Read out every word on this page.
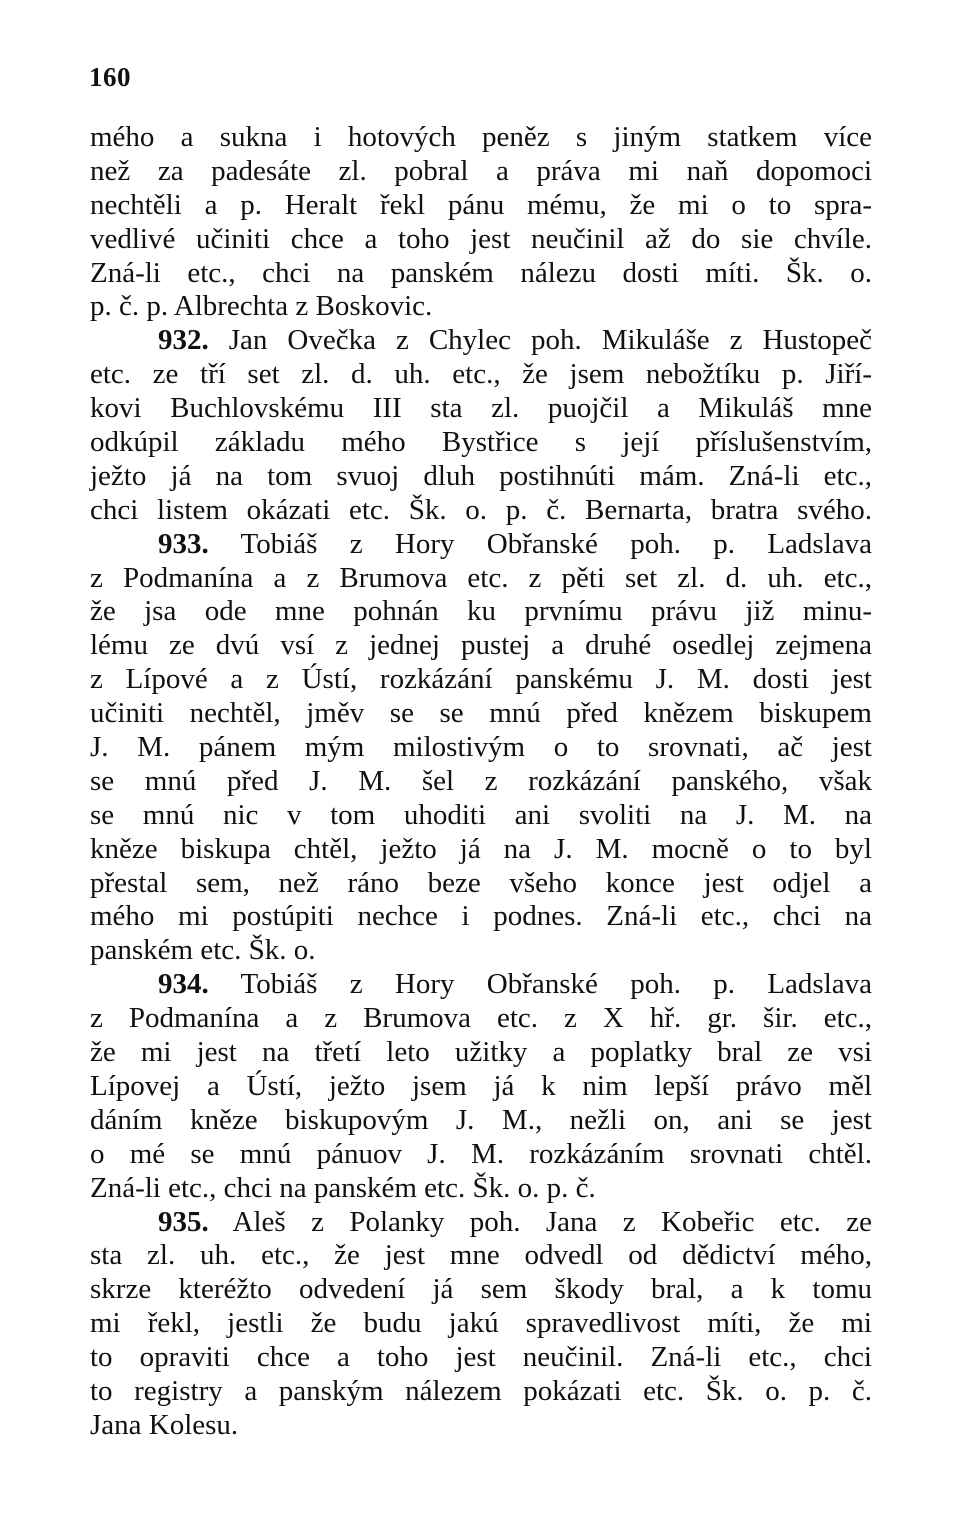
160
mého a sukna i hotových peněz s jiným statkem více
než za padesáte zl. pobral a práva mi naň dopomoci
nechtěli a p. Heralt řekl pánu mému, že mi o to spra-
vedlivé učiniti chce a toho jest neučinil až do sie chvíle.
Zná-li etc., chci na panském nálezu dosti míti. Šk. o.
p. č. p. Albrechta z Boskovic.
932. Jan Ovečka z Chylec poh. Mikuláše z Hustopeč
etc. ze tří set zl. d. uh. etc., že jsem nebožtíku p. Jiří-
kovi Buchlovskému III sta zl. puojčil a Mikuláš mne
odkúpil základu mého Bystřice s její příslušenstvím,
ježto já na tom svuoj dluh postihnúti mám. Zná-li etc.,
chci listem okázati etc. Šk. o. p. č. Bernarta, bratra svého.
933. Tobiáš z Hory Obřanské poh. p. Ladslava
z Podmanína a z Brumova etc. z pěti set zl. d. uh. etc.,
že jsa ode mne pohnán ku prvnímu právu již minu-
lému ze dvú vsí z jednej pustej a druhé osedlej zejmena
z Lípové a z Ústí, rozkázání panskému J. M. dosti jest
učiniti nechtěl, jměv se se mnú před knězem biskupem
J. M. pánem mým milostivým o to srovnati, ač jest
se mnú před J. M. šel z rozkázání panského, však
se mnú nic v tom uhoditi ani svoliti na J. M. na
kněze biskupa chtěl, ježto já na J. M. mocně o to byl
přestal sem, než ráno beze všeho konce jest odjel a
mého mi postúpiti nechce i podnes. Zná-li etc., chci na
panském etc. Šk. o.
934. Tobiáš z Hory Obřanské poh. p. Ladslava
z Podmanína a z Brumova etc. z X hř. gr. šir. etc.,
že mi jest na třetí leto užitky a poplatky bral ze vsi
Lípovej a Ústí, ježto jsem já k nim lepší právo měl
dáním kněze biskupovým J. M., nežli on, ani se jest
o mé se mnú pánuov J. M. rozkázáním srovnati chtěl.
Zná-li etc., chci na panském etc. Šk. o. p. č.
935. Aleš z Polanky poh. Jana z Kobeřic etc. ze
sta zl. uh. etc., že jest mne odvedl od dědictví mého,
skrze kteréžto odvedení já sem škody bral, a k tomu
mi řekl, jestli že budu jakú spravedlivost míti, že mi
to opraviti chce a toho jest neučinil. Zná-li etc., chci
to registry a panským nálezem pokázati etc. Šk. o. p. č.
Jana Kolesu.
